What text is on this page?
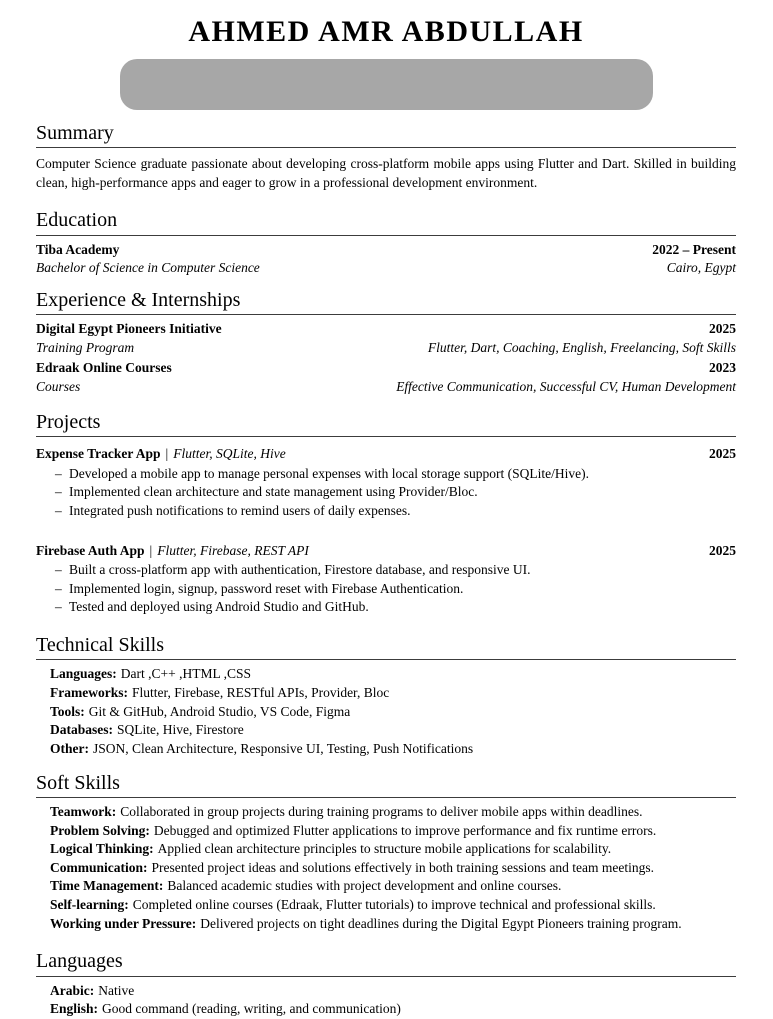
AHMED AMR ABDULLAH
Summary

Computer Science graduate passionate about developing cross-platform mobile apps using Flutter and Dart. Skilled in building clean, high-performance apps and eager to grow in a professional development environment.

Education
Tiba Academy	2022 – Present
Bachelor of Science in Computer Science	Cairo, Egypt
Experience & Internships
Digital Egypt Pioneers Initiative	2025
Training Program	Flutter, Dart, Coaching, English, Freelancing, Soft Skills
Edraak Online Courses	2023
Courses	Effective Communication, Successful CV, Human Development
Projects
Expense Tracker App | Flutter, SQLite, Hive	2025
– Developed a mobile app to manage personal expenses with local storage support (SQLite/Hive).
– Implemented clean architecture and state management using Provider/Bloc.
– Integrated push notifications to remind users of daily expenses.
Firebase Auth App | Flutter, Firebase, REST API	2025
– Built a cross-platform app with authentication, Firestore database, and responsive UI.
– Implemented login, signup, password reset with Firebase Authentication.
– Tested and deployed using Android Studio and GitHub.
Technical Skills

Languages: Dart ,C++ ,HTML ,CSS

Frameworks: Flutter, Firebase, RESTful APIs, Provider, Bloc

Tools: Git & GitHub, Android Studio, VS Code, Figma

Databases: SQLite, Hive, Firestore

Other: JSON, Clean Architecture, Responsive UI, Testing, Push Notifications

Soft Skills

Teamwork: Collaborated in group projects during training programs to deliver mobile apps within deadlines.

Problem Solving: Debugged and optimized Flutter applications to improve performance and fix runtime errors.

Logical Thinking: Applied clean architecture principles to structure mobile applications for scalability.

Communication: Presented project ideas and solutions effectively in both training sessions and team meetings.

Time Management: Balanced academic studies with project development and online courses.

Self-learning: Completed online courses (Edraak, Flutter tutorials) to improve technical and professional skills.

Working under Pressure: Delivered projects on tight deadlines during the Digital Egypt Pioneers training program.

Languages

Arabic: Native

English: Good command (reading, writing, and communication)
